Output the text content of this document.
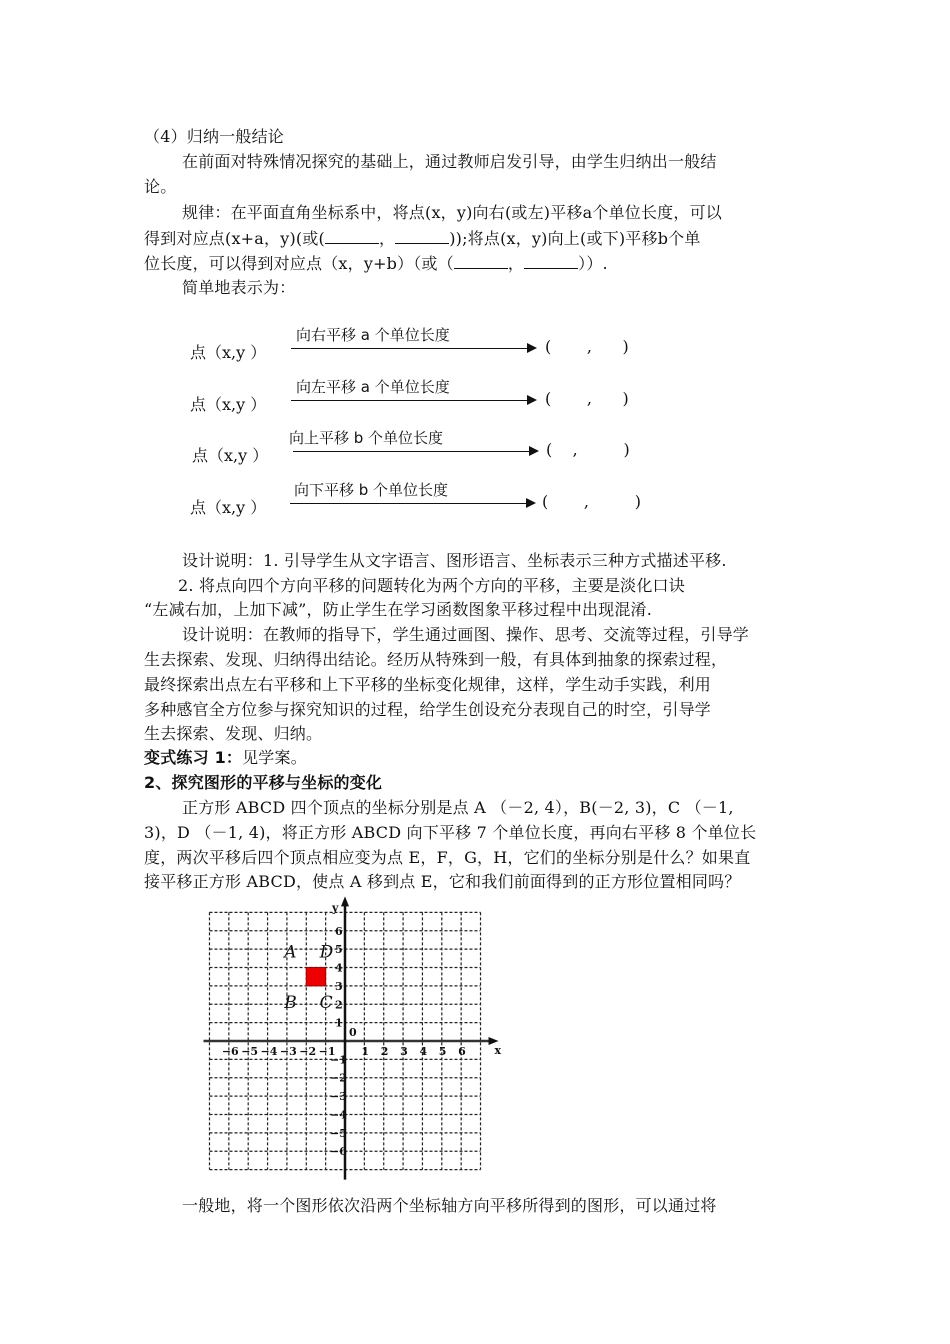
（4）归纳一般结论
在前面对特殊情况探究的基础上，通过教师启发引导，由学生归纳出一般结
论。
规律：在平面直角坐标系中，将点(x，y)向右(或左)平移a个单位长度，可以
得到对应点(x+a，y)(或(	，	));将点(x，y)向上(或下)平移b个单
位长度，可以得到对应点（x，y+b）（或（	，	））.
简单地表示为：
点（x,y ）
向右平移 a 个单位长度
(       ,      )
点（x,y ）
向左平移 a 个单位长度
(       ,      )
点（x,y ）
向上平移 b 个单位长度
(    ,         )
点（x,y ）
向下平移 b 个单位长度
(       ,         )
设计说明：1. 引导学生从文字语言、图形语言、坐标表示三种方式描述平移.
2. 将点向四个方向平移的问题转化为两个方向的平移，主要是淡化口诀
“左减右加，上加下减”，防止学生在学习函数图象平移过程中出现混淆.
设计说明：在教师的指导下，学生通过画图、操作、思考、交流等过程，引导学
生去探索、发现、归纳得出结论。经历从特殊到一般，有具体到抽象的探索过程，
最终探索出点左右平移和上下平移的坐标变化规律，这样，学生动手实践，利用
多种感官全方位参与探究知识的过程，给学生创设充分表现自己的时空，引导学
生去探索、发现、归纳。
变式练习 1：见学案。
2、探究图形的平移与坐标的变化
正方形 ABCD 四个顶点的坐标分别是点 A （－2, 4），B(－2, 3)，C （－1,
3)，D （－1, 4)，将正方形 ABCD 向下平移 7 个单位长度，再向右平移 8 个单位长
度，两次平移后四个顶点相应变为点 E，F，G，H，它们的坐标分别是什么？如果直
接平移正方形 ABCD，使点 A 移到点 E，它和我们前面得到的正方形位置相同吗？
x
y
0
−6 −5 −4 −3 −2 −1 1 2 3 4 5 6
6
5
4
3
2
1
−1
−2
−3
−4
−5
−6
A
B C
D
一般地，将一个图形依次沿两个坐标轴方向平移所得到的图形，可以通过将
